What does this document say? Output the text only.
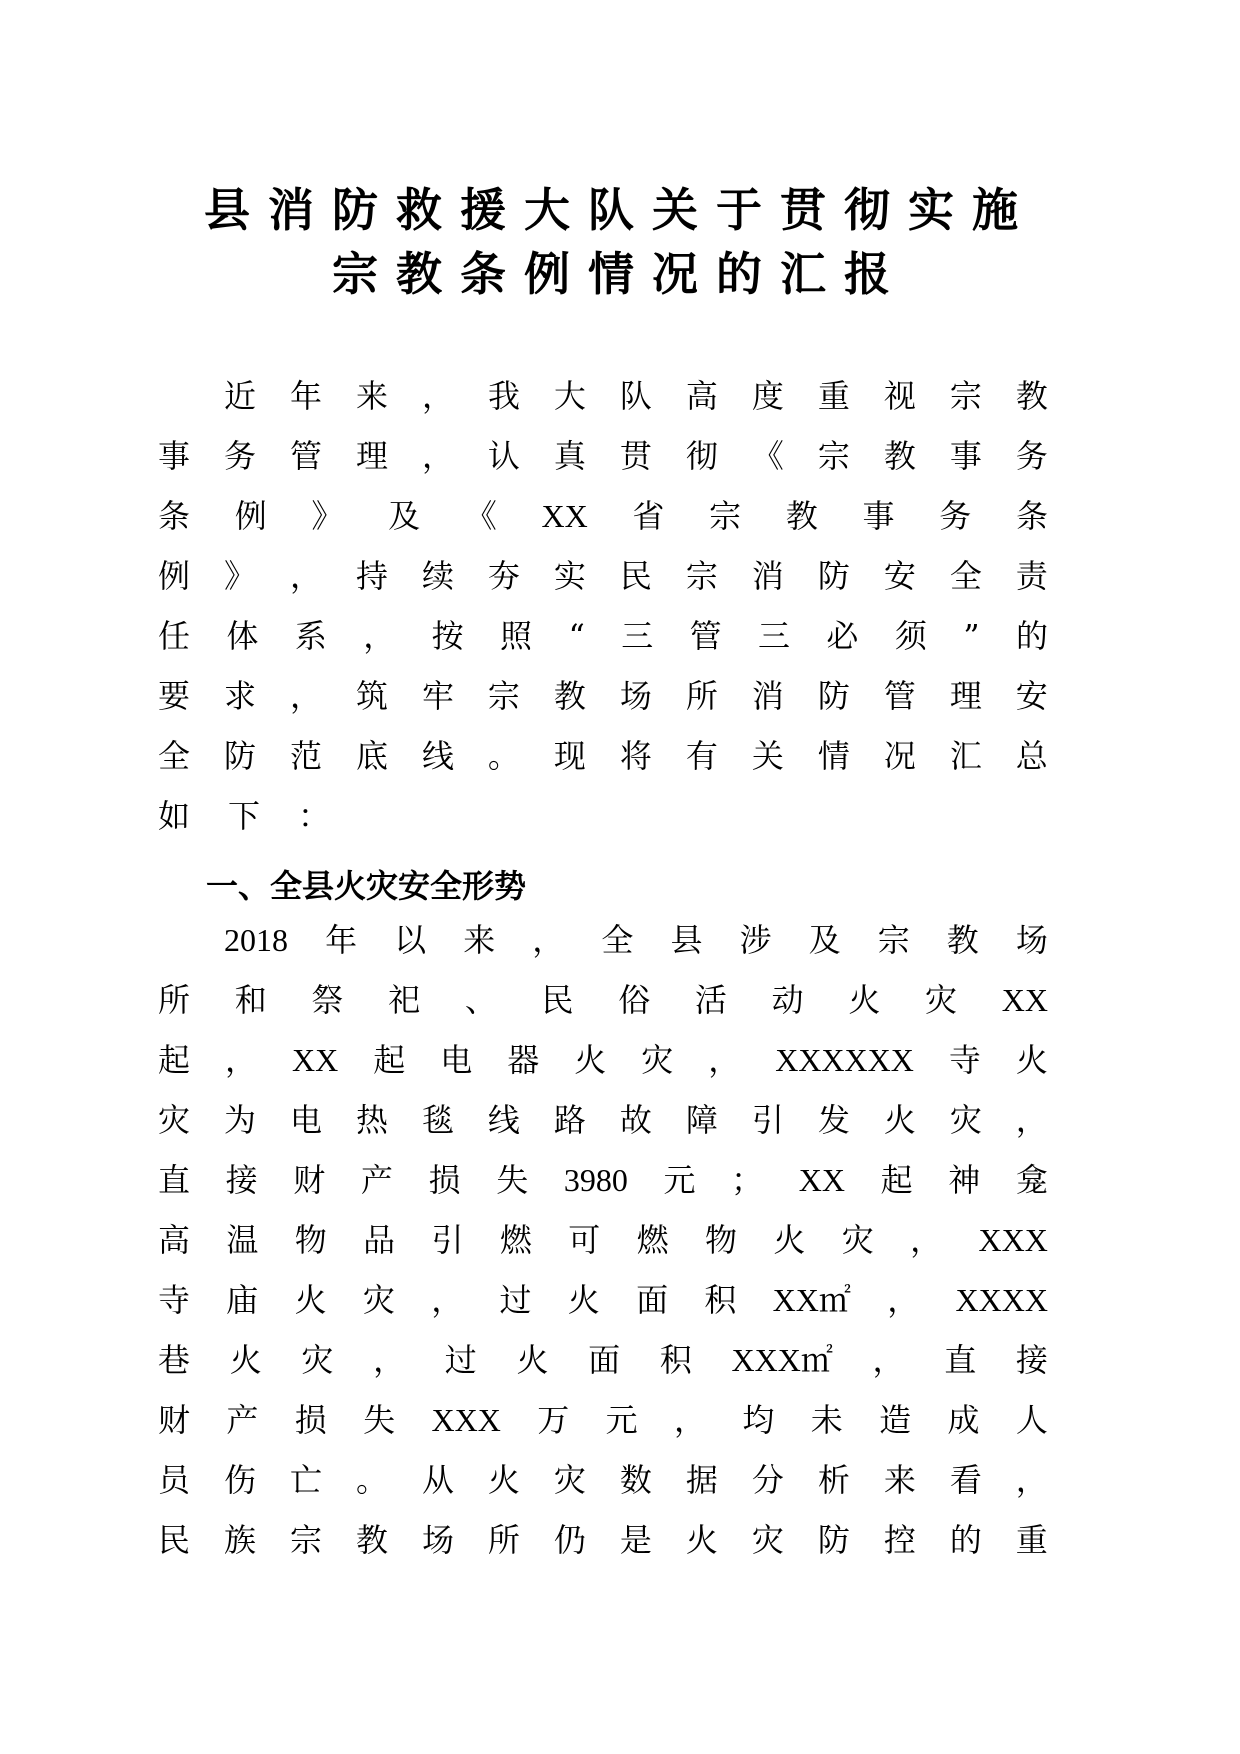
县消防救援大队关于贯彻实施
宗教条例情况的汇报
近 年 来 ， 我 大 队 高 度 重 视 宗 教
事 务 管 理 ， 认 真 贯 彻 《 宗 教 事 务
条 例 》 及 《 XX 省 宗 教 事 务 条
例 》 ， 持 续 夯 实 民 宗 消 防 安 全 责
任 体 系 ， 按 照 “ 三 管 三 必 须 ” 的
要 求 ， 筑 牢 宗 教 场 所 消 防 管 理 安
全 防 范 底 线 。 现 将 有 关 情 况 汇 总
如 下 ：
一、全县火灾安全形势
2018 年 以 来 ， 全 县 涉 及 宗 教 场
所 和 祭 祀 、 民 俗 活 动 火 灾 XX
起 ， XX 起 电 器 火 灾 ， XXXXXX 寺 火
灾 为 电 热 毯 线 路 故 障 引 发 火 灾 ，
直 接 财 产 损 失 3980 元 ； XX 起 神 龛
高 温 物 品 引 燃 可 燃 物 火 灾 ， XXX
寺 庙 火 灾 ， 过 火 面 积 XX㎡ ， XXXX
巷 火 灾 ， 过 火 面 积 XXX㎡ ， 直 接
财 产 损 失 XXX 万 元 ， 均 未 造 成 人
员 伤 亡 。 从 火 灾 数 据 分 析 来 看 ，
民 族 宗 教 场 所 仍 是 火 灾 防 控 的 重
